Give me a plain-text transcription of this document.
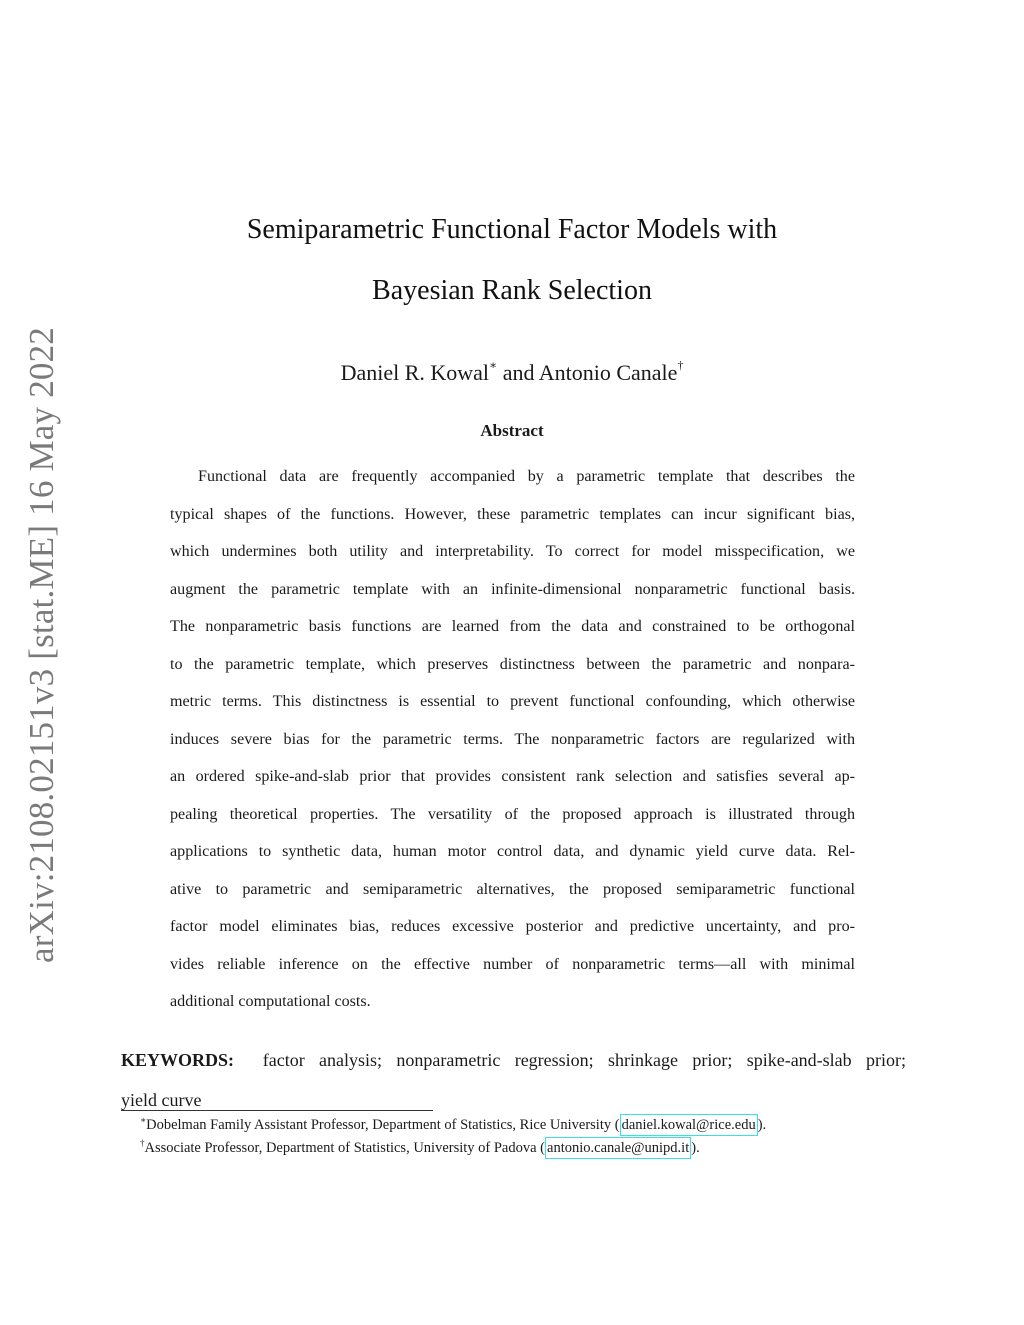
arXiv:2108.02151v3 [stat.ME] 16 May 2022
Semiparametric Functional Factor Models with
Bayesian Rank Selection
Daniel R. Kowal∗ and Antonio Canale†
Abstract
Functional data are frequently accompanied by a parametric template that describes the
typical shapes of the functions. However, these parametric templates can incur significant bias,
which undermines both utility and interpretability. To correct for model misspecification, we
augment the parametric template with an infinite-dimensional nonparametric functional basis.
The nonparametric basis functions are learned from the data and constrained to be orthogonal
to the parametric template, which preserves distinctness between the parametric and nonpara-
metric terms. This distinctness is essential to prevent functional confounding, which otherwise
induces severe bias for the parametric terms. The nonparametric factors are regularized with
an ordered spike-and-slab prior that provides consistent rank selection and satisfies several ap-
pealing theoretical properties. The versatility of the proposed approach is illustrated through
applications to synthetic data, human motor control data, and dynamic yield curve data. Rel-
ative to parametric and semiparametric alternatives, the proposed semiparametric functional
factor model eliminates bias, reduces excessive posterior and predictive uncertainty, and pro-
vides reliable inference on the effective number of nonparametric terms—all with minimal
additional computational costs.
KEYWORDS: factor analysis; nonparametric regression; shrinkage prior; spike-and-slab prior;
yield curve
∗Dobelman Family Assistant Professor, Department of Statistics, Rice University ( daniel.kowal@rice.edu ).
†Associate Professor, Department of Statistics, University of Padova ( antonio.canale@unipd.it ).
